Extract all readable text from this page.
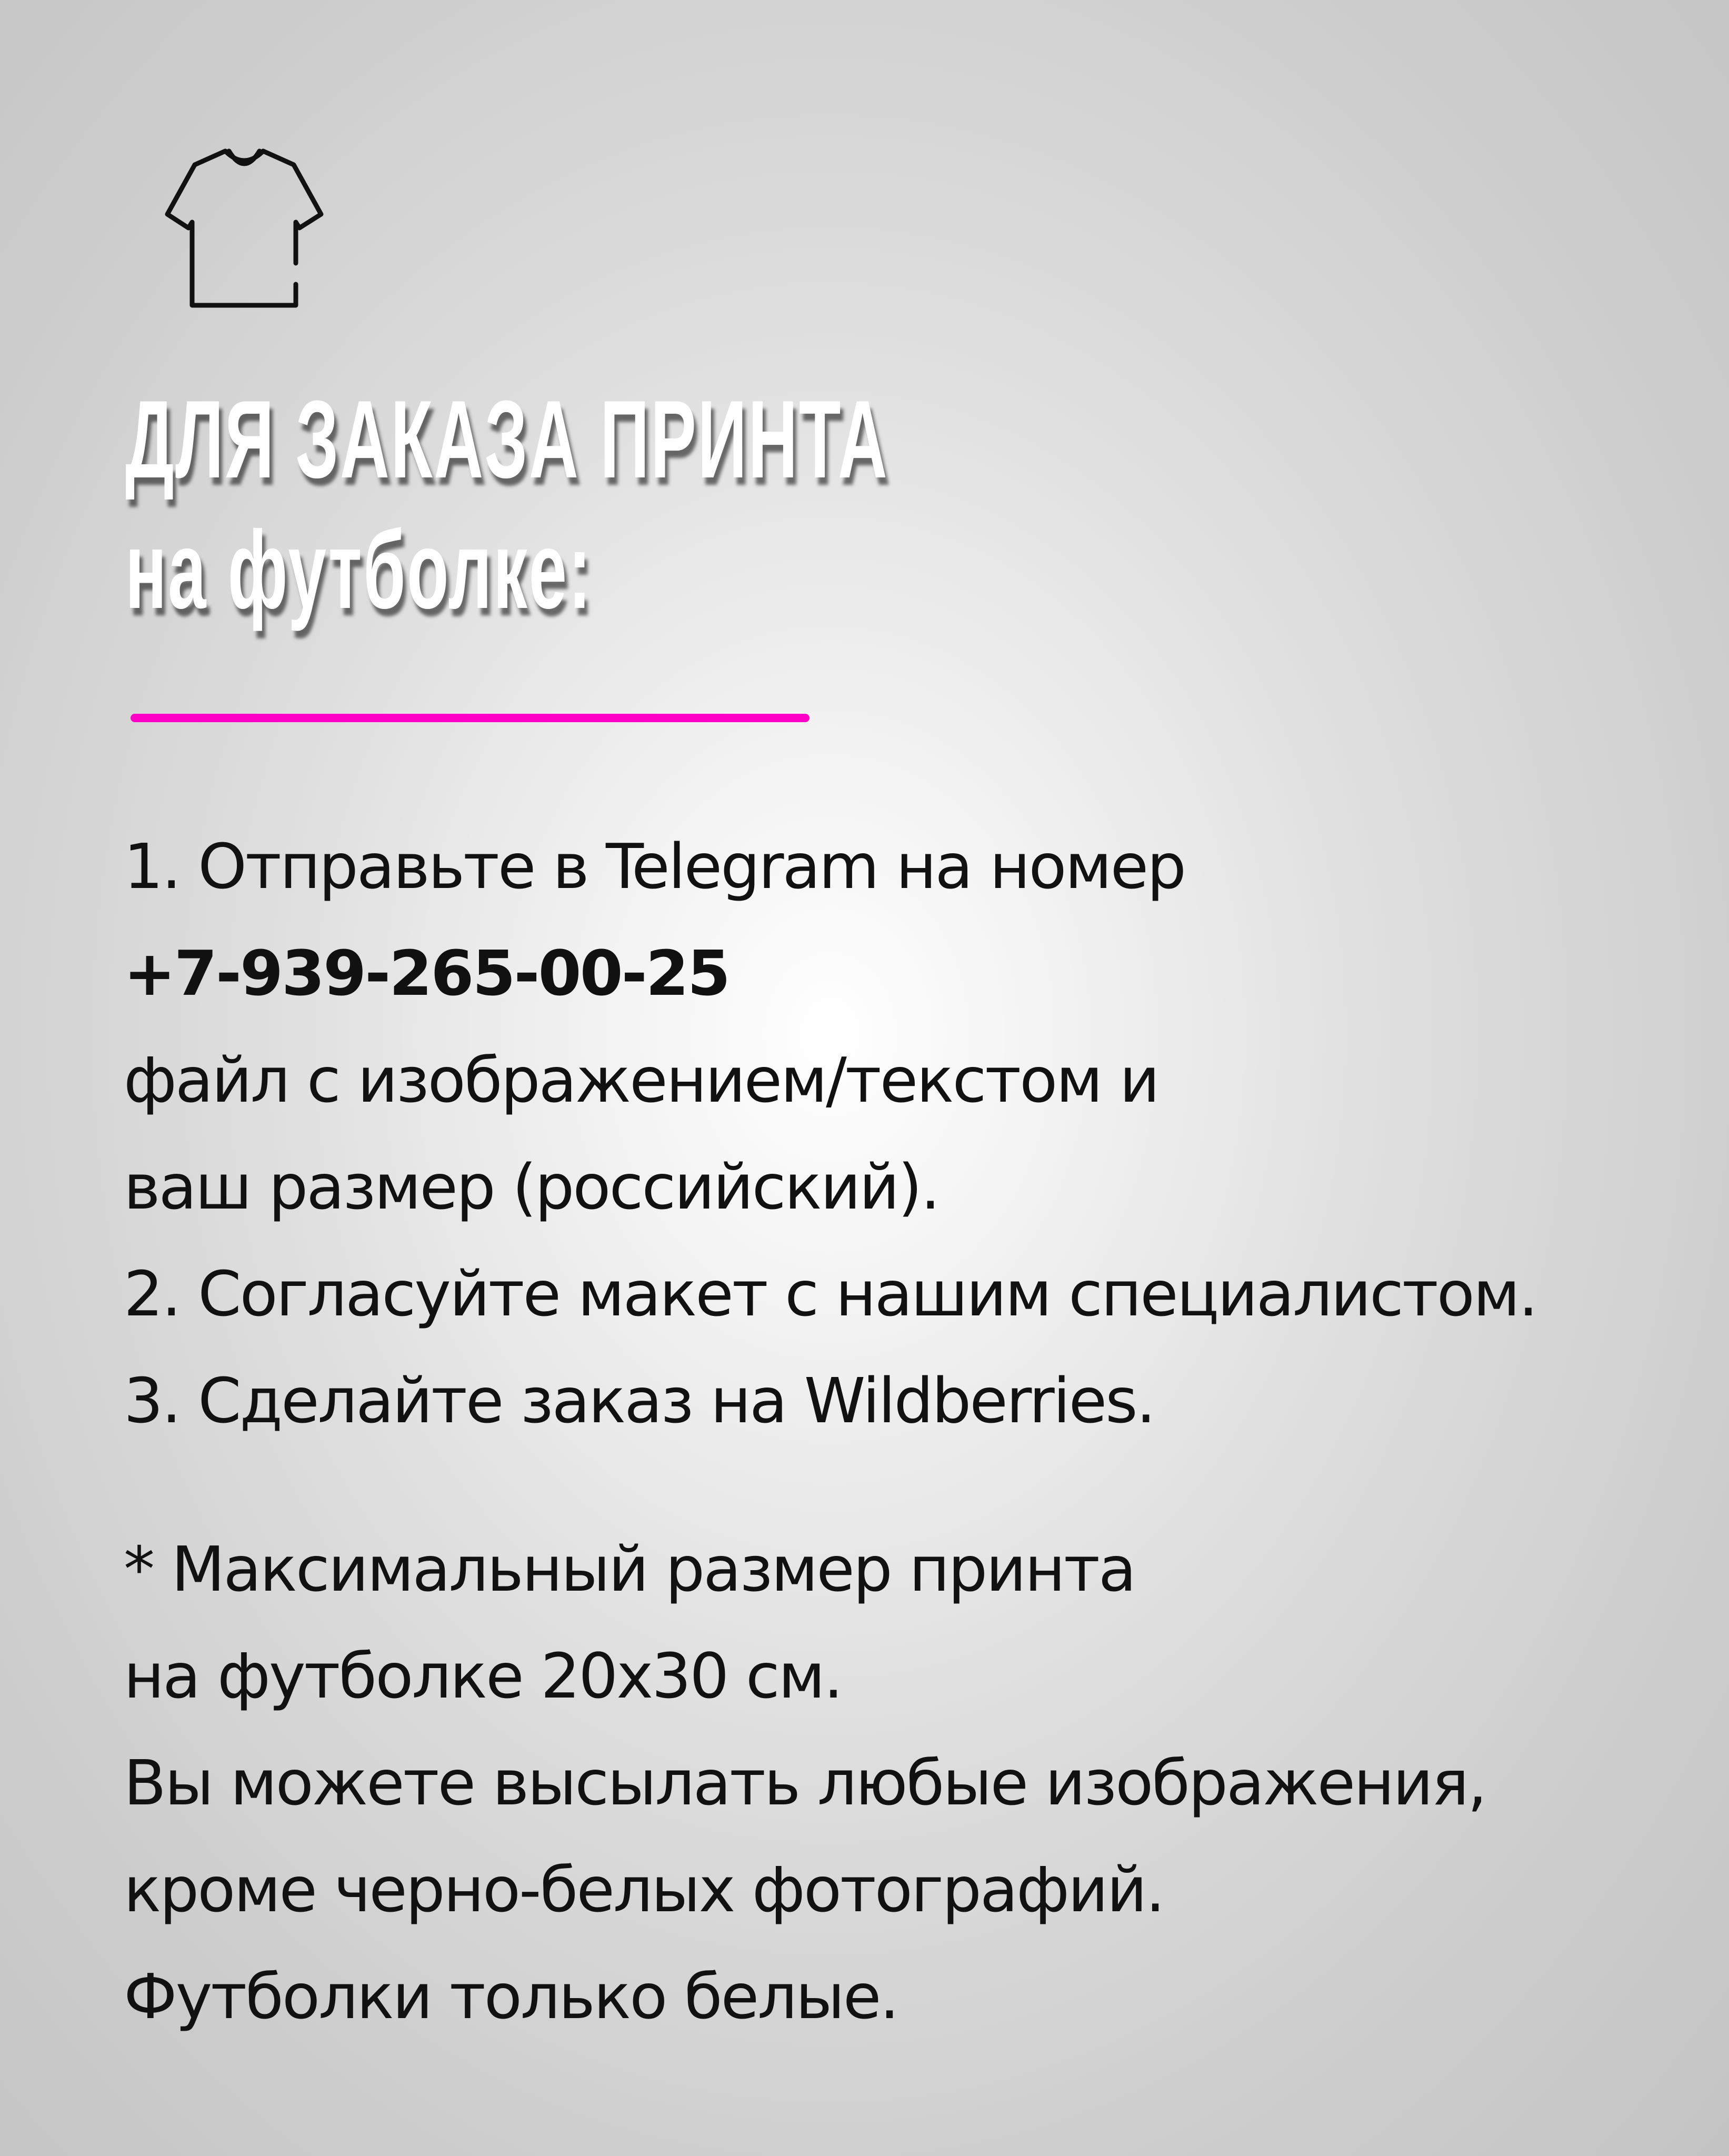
ДЛЯ ЗАКАЗА ПРИНТА
на футболке:
1. Отправьте в Telegram на номер
+7-939-265-00-25
файл с изображением/текстом и
ваш размер (российский).
2. Согласуйте макет с нашим специалистом.
3. Сделайте заказ на Wildberries.
* Максимальный размер принта
на футболке 20х30 см.
Вы можете высылать любые изображения,
кроме черно-белых фотографий.
Футболки только белые.
